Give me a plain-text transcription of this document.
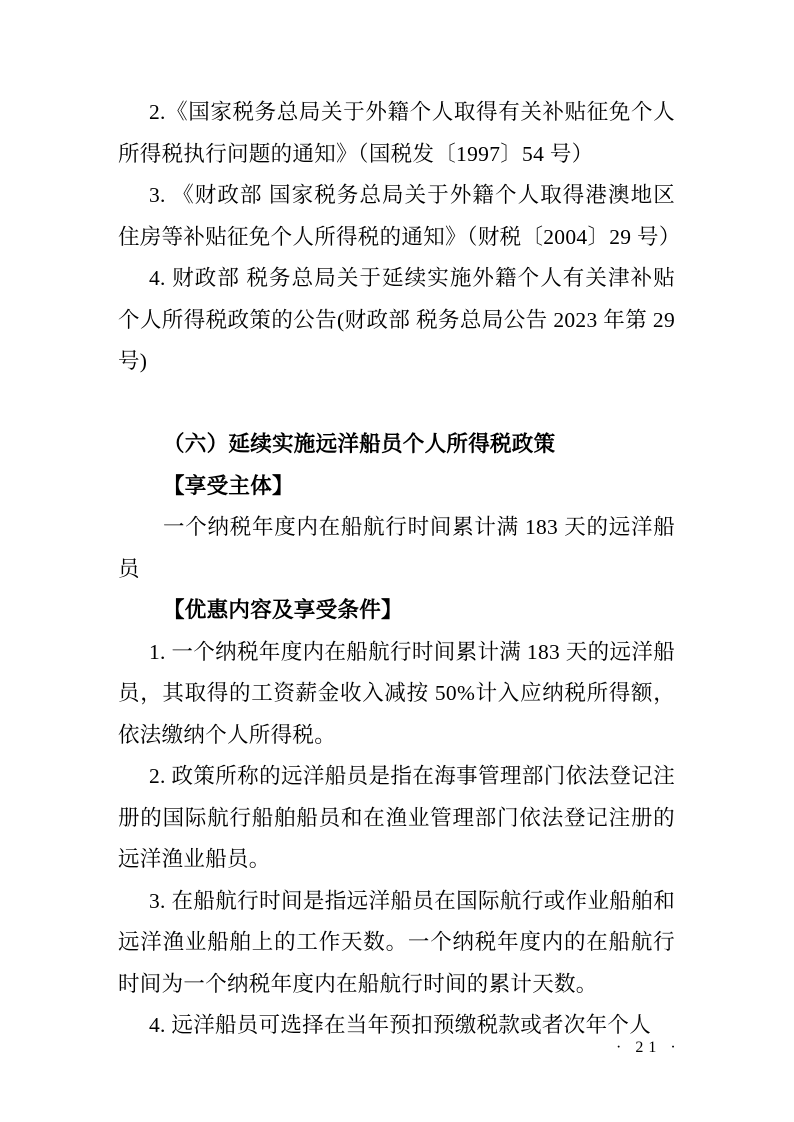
2.《国家税务总局关于外籍个人取得有关补贴征免个人所得税执行问题的通知》（国税发〔1997〕54 号）

3. 《财政部 国家税务总局关于外籍个人取得港澳地区住房等补贴征免个人所得税的通知》（财税〔2004〕29 号）

4. 财政部 税务总局关于延续实施外籍个人有关津补贴个人所得税政策的公告(财政部 税务总局公告 2023 年第 29 号)

（六）延续实施远洋船员个人所得税政策

【享受主体】

一个纳税年度内在船航行时间累计满 183 天的远洋船员

【优惠内容及享受条件】

1. 一个纳税年度内在船航行时间累计满 183 天的远洋船员，其取得的工资薪金收入减按 50%计入应纳税所得额，依法缴纳个人所得税。

2. 政策所称的远洋船员是指在海事管理部门依法登记注册的国际航行船舶船员和在渔业管理部门依法登记注册的远洋渔业船员。

3. 在船航行时间是指远洋船员在国际航行或作业船舶和远洋渔业船舶上的工作天数。一个纳税年度内的在船航行时间为一个纳税年度内在船航行时间的累计天数。

4. 远洋船员可选择在当年预扣预缴税款或者次年个人

· 21 ·
